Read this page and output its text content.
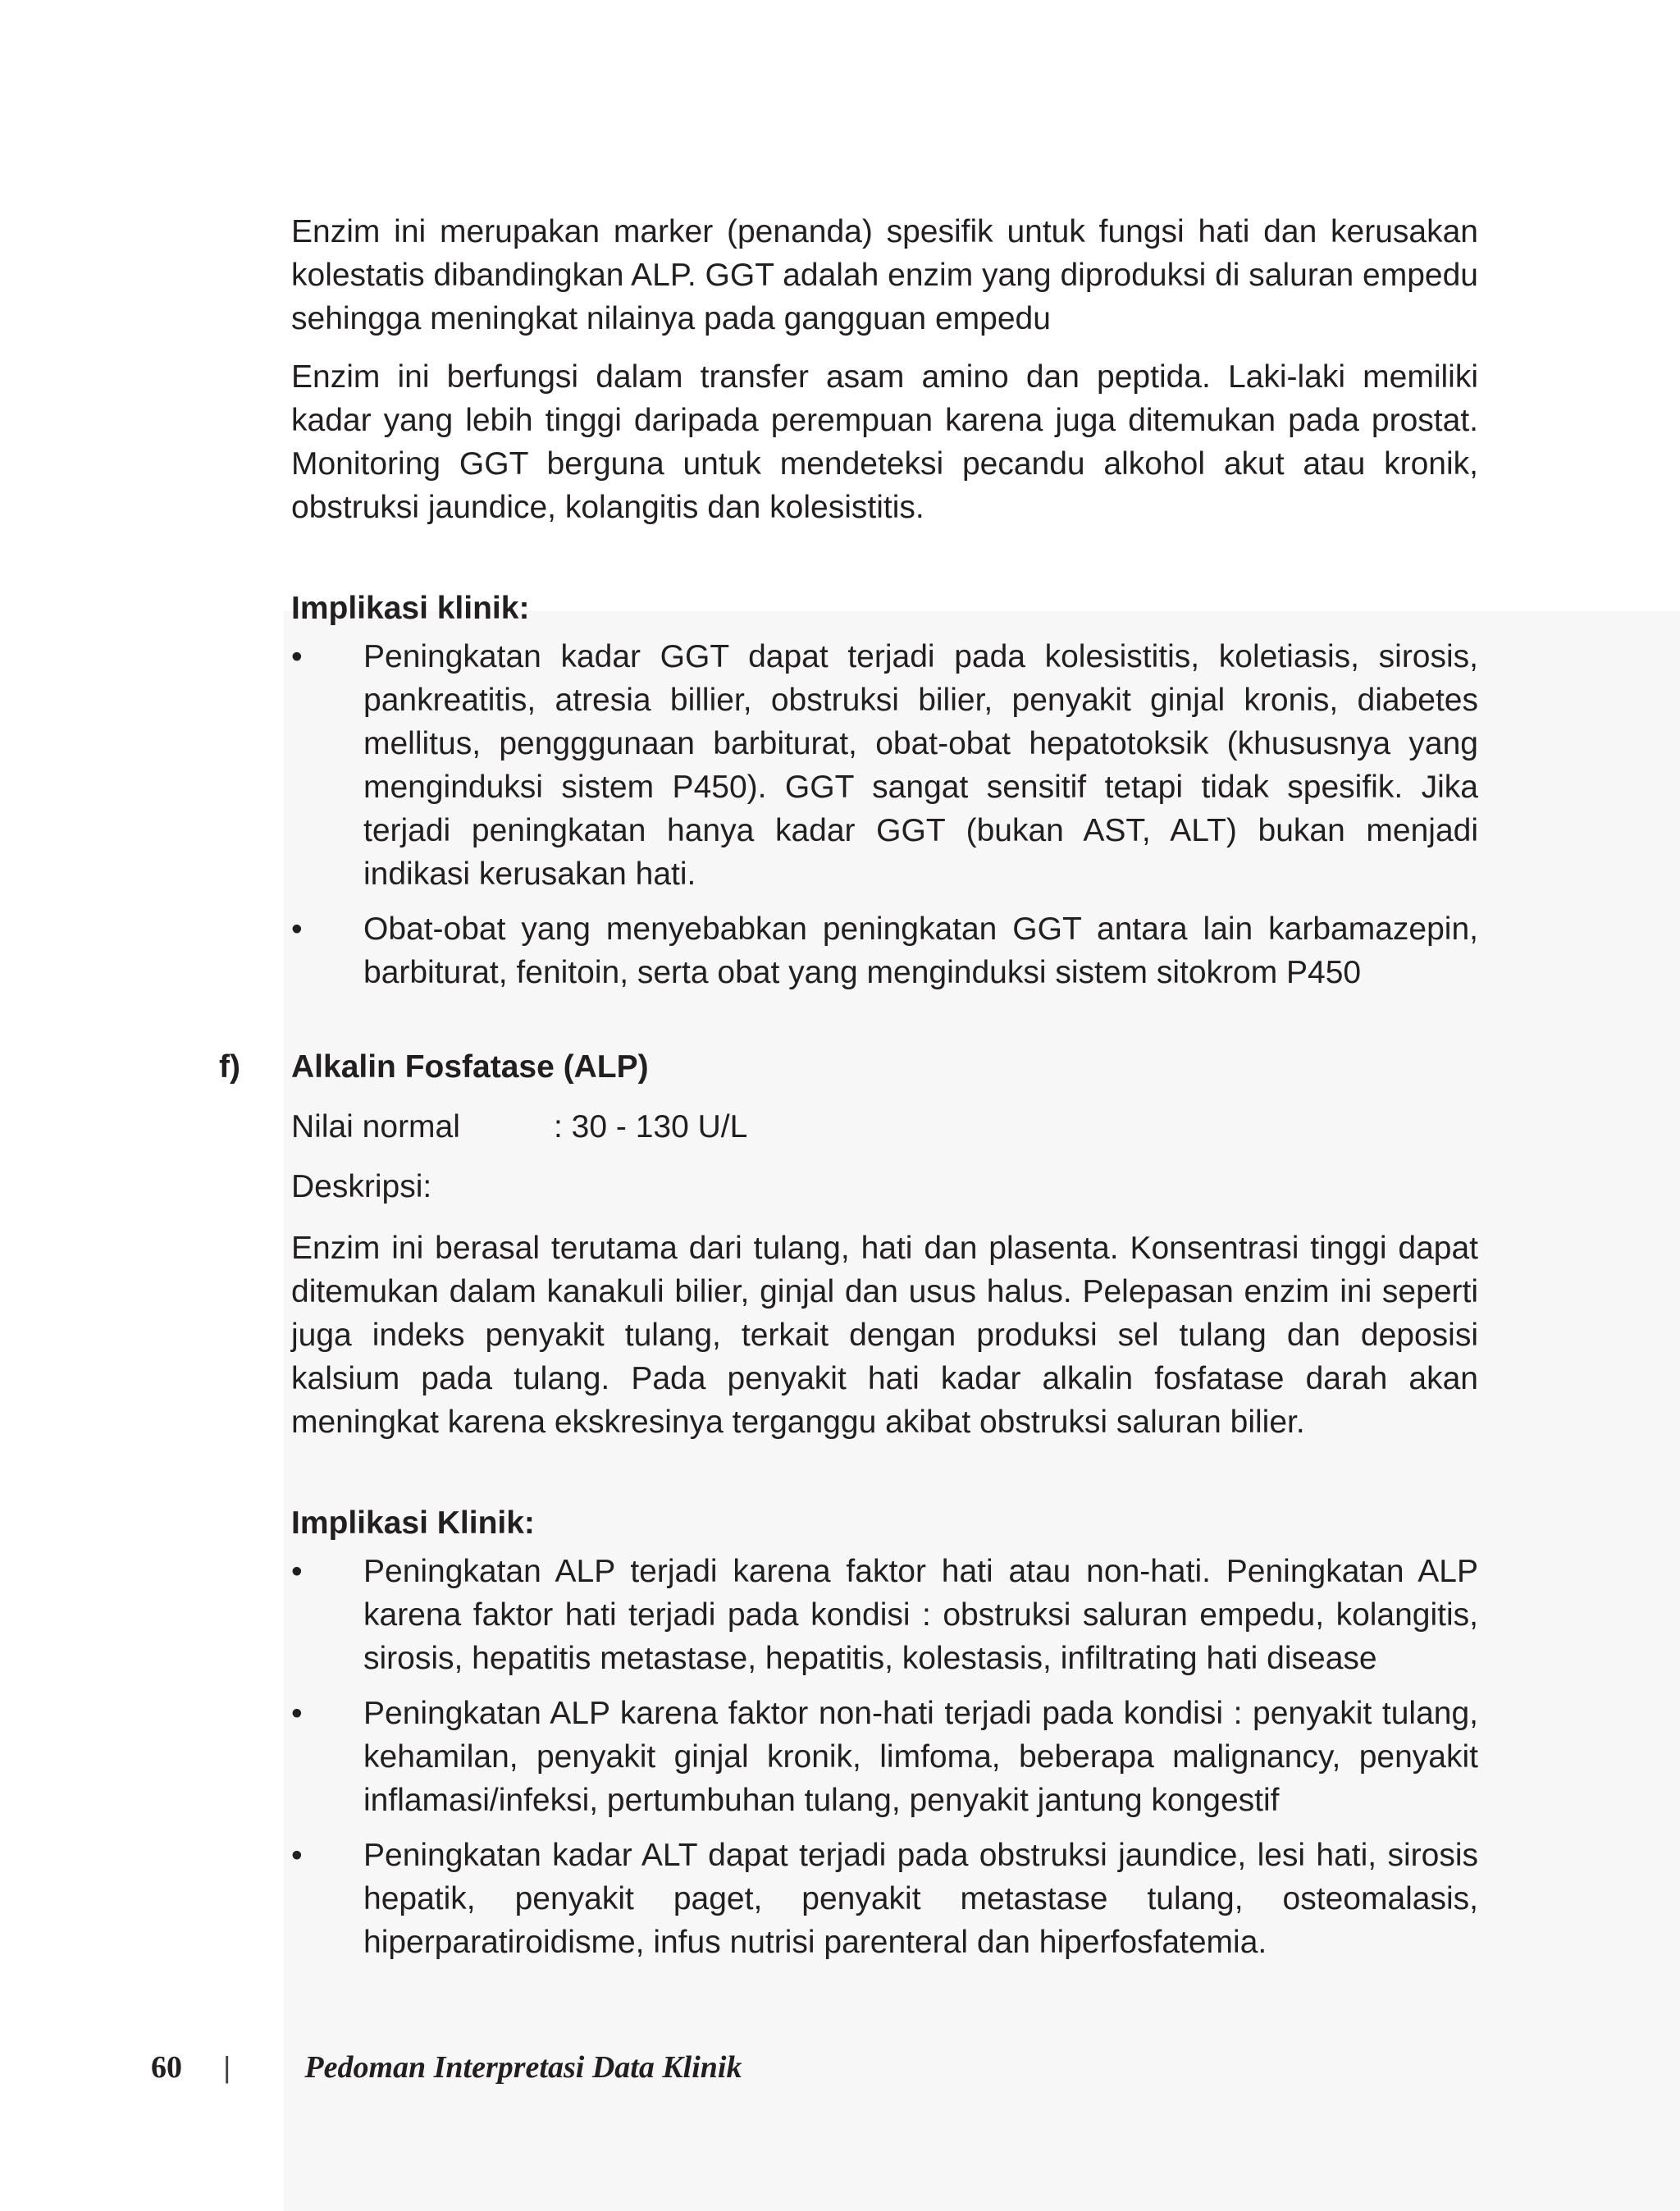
Enzim ini merupakan marker (penanda) spesifik untuk fungsi hati dan kerusakan kolestatis dibandingkan ALP. GGT adalah enzim yang diproduksi di saluran empedu sehingga meningkat nilainya pada gangguan empedu

Enzim ini berfungsi dalam transfer asam amino dan peptida. Laki-laki memiliki kadar yang lebih tinggi daripada perempuan karena juga ditemukan pada prostat. Monitoring GGT berguna untuk mendeteksi pecandu alkohol akut atau kronik, obstruksi jaundice, kolangitis dan kolesistitis.

Implikasi klinik:
• Peningkatan kadar GGT dapat terjadi pada kolesistitis, koletiasis, sirosis, pankreatitis, atresia billier, obstruksi bilier, penyakit ginjal kronis, diabetes mellitus, pengggunaan barbiturat, obat-obat hepatotoksik (khususnya yang menginduksi sistem P450). GGT sangat sensitif tetapi tidak spesifik. Jika terjadi peningkatan hanya kadar GGT (bukan AST, ALT) bukan menjadi indikasi kerusakan hati.
• Obat-obat yang menyebabkan peningkatan GGT antara lain karbamazepin, barbiturat, fenitoin, serta obat yang menginduksi sistem sitokrom P450
f) Alkalin Fosfatase (ALP)
Nilai normal	: 30 - 130 U/L
Deskripsi:

Enzim ini berasal terutama dari tulang, hati dan plasenta. Konsentrasi tinggi dapat ditemukan dalam kanakuli bilier, ginjal dan usus halus. Pelepasan enzim ini seperti juga indeks penyakit tulang, terkait dengan produksi sel tulang dan deposisi kalsium pada tulang. Pada penyakit hati kadar alkalin fosfatase darah akan meningkat karena ekskresinya terganggu akibat obstruksi saluran bilier.

Implikasi Klinik:
• Peningkatan ALP terjadi karena faktor hati atau non-hati. Peningkatan ALP karena faktor hati terjadi pada kondisi : obstruksi saluran empedu, kolangitis, sirosis, hepatitis metastase, hepatitis, kolestasis, infiltrating hati disease
• Peningkatan ALP karena faktor non-hati terjadi pada kondisi : penyakit tulang, kehamilan, penyakit ginjal kronik, limfoma, beberapa malignancy, penyakit inflamasi/infeksi, pertumbuhan tulang, penyakit jantung kongestif
• Peningkatan kadar ALT dapat terjadi pada obstruksi jaundice, lesi hati, sirosis hepatik, penyakit paget, penyakit metastase tulang, osteomalasis, hiperparatiroidisme, infus nutrisi parenteral dan hiperfosfatemia.
60 | Pedoman Interpretasi Data Klinik
